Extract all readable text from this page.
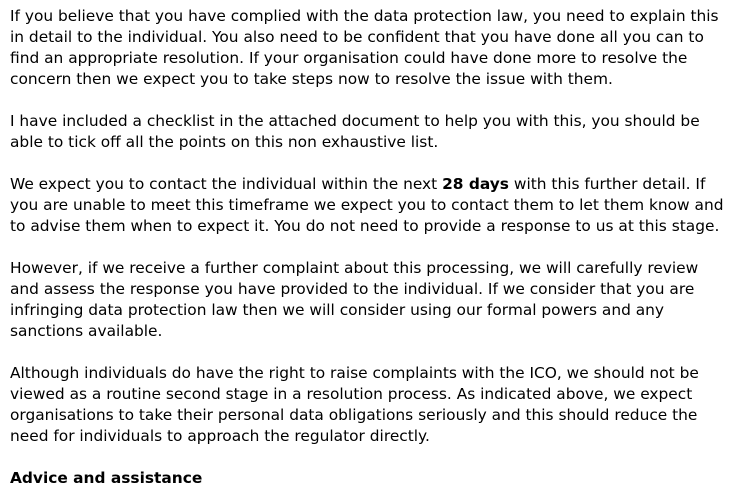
If you believe that you have complied with the data protection law, you need to explain this in detail to the individual. You also need to be confident that you have done all you can to find an appropriate resolution. If your organisation could have done more to resolve the concern then we expect you to take steps now to resolve the issue with them.

I have included a checklist in the attached document to help you with this, you should be able to tick off all the points on this non exhaustive list.

We expect you to contact the individual within the next 28 days with this further detail. If you are unable to meet this timeframe we expect you to contact them to let them know and to advise them when to expect it. You do not need to provide a response to us at this stage.

However, if we receive a further complaint about this processing, we will carefully review and assess the response you have provided to the individual. If we consider that you are infringing data protection law then we will consider using our formal powers and any sanctions available.

Although individuals do have the right to raise complaints with the ICO, we should not be viewed as a routine second stage in a resolution process. As indicated above, we expect organisations to take their personal data obligations seriously and this should reduce the need for individuals to approach the regulator directly.

Advice and assistance
